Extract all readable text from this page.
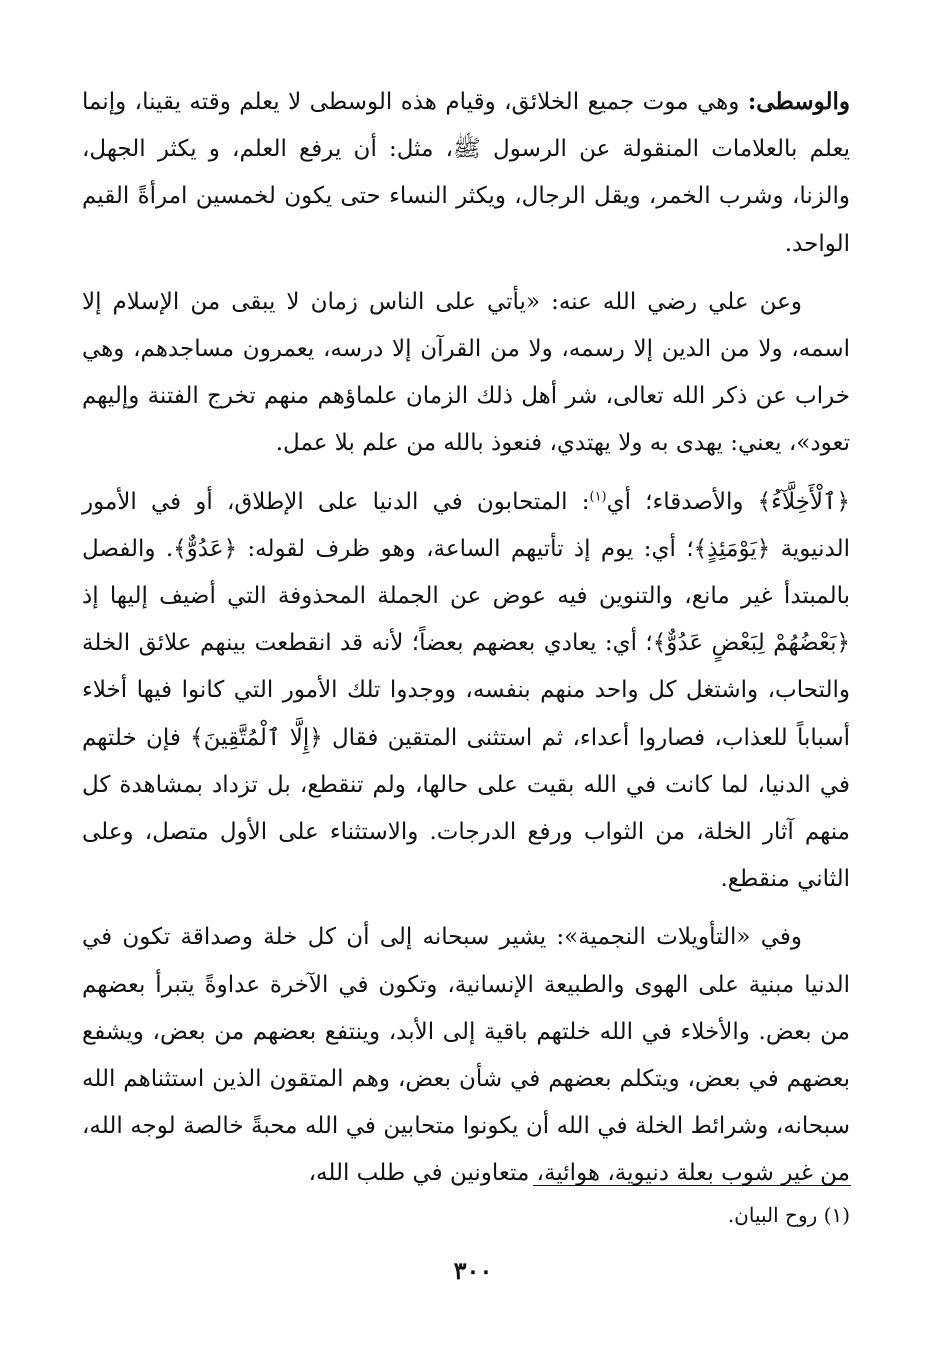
والوسطى: وهي موت جميع الخلائق، وقيام هذه الوسطى لا يعلم وقته يقينا، وإنما يعلم بالعلامات المنقولة عن الرسول ﷺ، مثل: أن يرفع العلم، و يكثر الجهل، والزنا، وشرب الخمر، ويقل الرجال، ويكثر النساء حتى يكون لخمسين امرأةً القيم الواحد.

وعن علي رضي الله عنه: «يأتي على الناس زمان لا يبقى من الإسلام إلا اسمه، ولا من الدين إلا رسمه، ولا من القرآن إلا درسه، يعمرون مساجدهم، وهي خراب عن ذكر الله تعالى، شر أهل ذلك الزمان علماؤهم منهم تخرج الفتنة وإليهم تعود»، يعني: يهدى به ولا يهتدي، فنعوذ بالله من علم بلا عمل.

﴿ٱلْأَخِلَّآءُ﴾ والأصدقاء؛ أي$^{(١)}$: المتحابون في الدنيا على الإطلاق، أو في الأمور الدنيوية ﴿يَوْمَئِذٍ﴾؛ أي: يوم إذ تأتيهم الساعة، وهو ظرف لقوله: ﴿عَدُوٌّ﴾. والفصل بالمبتدأ غير مانع، والتنوين فيه عوض عن الجملة المحذوفة التي أضيف إليها إذ ﴿بَعْضُهُمْ لِبَعْضٍ عَدُوٌّ﴾؛ أي: يعادي بعضهم بعضاً؛ لأنه قد انقطعت بينهم علائق الخلة والتحاب، واشتغل كل واحد منهم بنفسه، ووجدوا تلك الأمور التي كانوا فيها أخلاء أسباباً للعذاب، فصاروا أعداء، ثم استثنى المتقين فقال ﴿إِلَّا ٱلْمُتَّقِينَ﴾ فإن خلتهم في الدنيا، لما كانت في الله بقيت على حالها، ولم تنقطع، بل تزداد بمشاهدة كل منهم آثار الخلة، من الثواب ورفع الدرجات. والاستثناء على الأول متصل، وعلى الثاني منقطع.

وفي «التأويلات النجمية»: يشير سبحانه إلى أن كل خلة وصداقة تكون في الدنيا مبنية على الهوى والطبيعة الإنسانية، وتكون في الآخرة عداوةً يتبرأ بعضهم من بعض. والأخلاء في الله خلتهم باقية إلى الأبد، وينتفع بعضهم من بعض، ويشفع بعضهم في بعض، ويتكلم بعضهم في شأن بعض، وهم المتقون الذين استثناهم الله سبحانه، وشرائط الخلة في الله أن يكونوا متحابين في الله محبةً خالصة لوجه الله، من غير شوب بعلة دنيوية، هوائية، متعاونين في طلب الله،

(١) روح البيان.
٣٠٠
